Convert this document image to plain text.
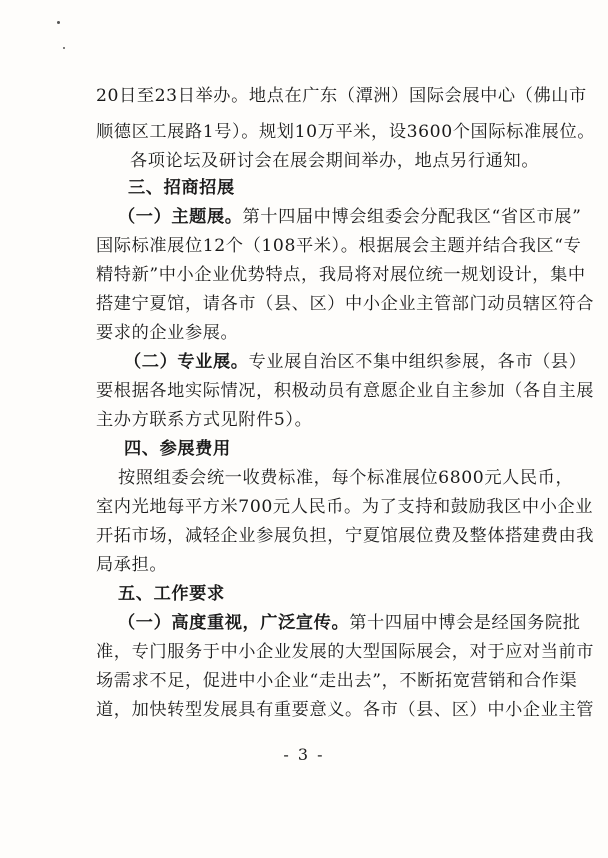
20日至23日举办。地点在广东（潭洲）国际会展中心（佛山市
顺德区工展路1号）。规划10万平米，设3600个国际标准展位。
各项论坛及研讨会在展会期间举办，地点另行通知。
三、招商招展
（一）主题展。第十四届中博会组委会分配我区“省区市展”
国际标准展位12个（108平米）。根据展会主题并结合我区“专
精特新”中小企业优势特点，我局将对展位统一规划设计，集中
搭建宁夏馆，请各市（县、区）中小企业主管部门动员辖区符合
要求的企业参展。
（二）专业展。专业展自治区不集中组织参展，各市（县）
要根据各地实际情况，积极动员有意愿企业自主参加（各自主展
主办方联系方式见附件5）。
四、参展费用
按照组委会统一收费标准，每个标准展位6800元人民币，
室内光地每平方米700元人民币。为了支持和鼓励我区中小企业
开拓市场，减轻企业参展负担，宁夏馆展位费及整体搭建费由我
局承担。
五、工作要求
（一）高度重视，广泛宣传。第十四届中博会是经国务院批
准，专门服务于中小企业发展的大型国际展会，对于应对当前市
场需求不足，促进中小企业“走出去”，不断拓宽营销和合作渠
道，加快转型发展具有重要意义。各市（县、区）中小企业主管
- 3 -
